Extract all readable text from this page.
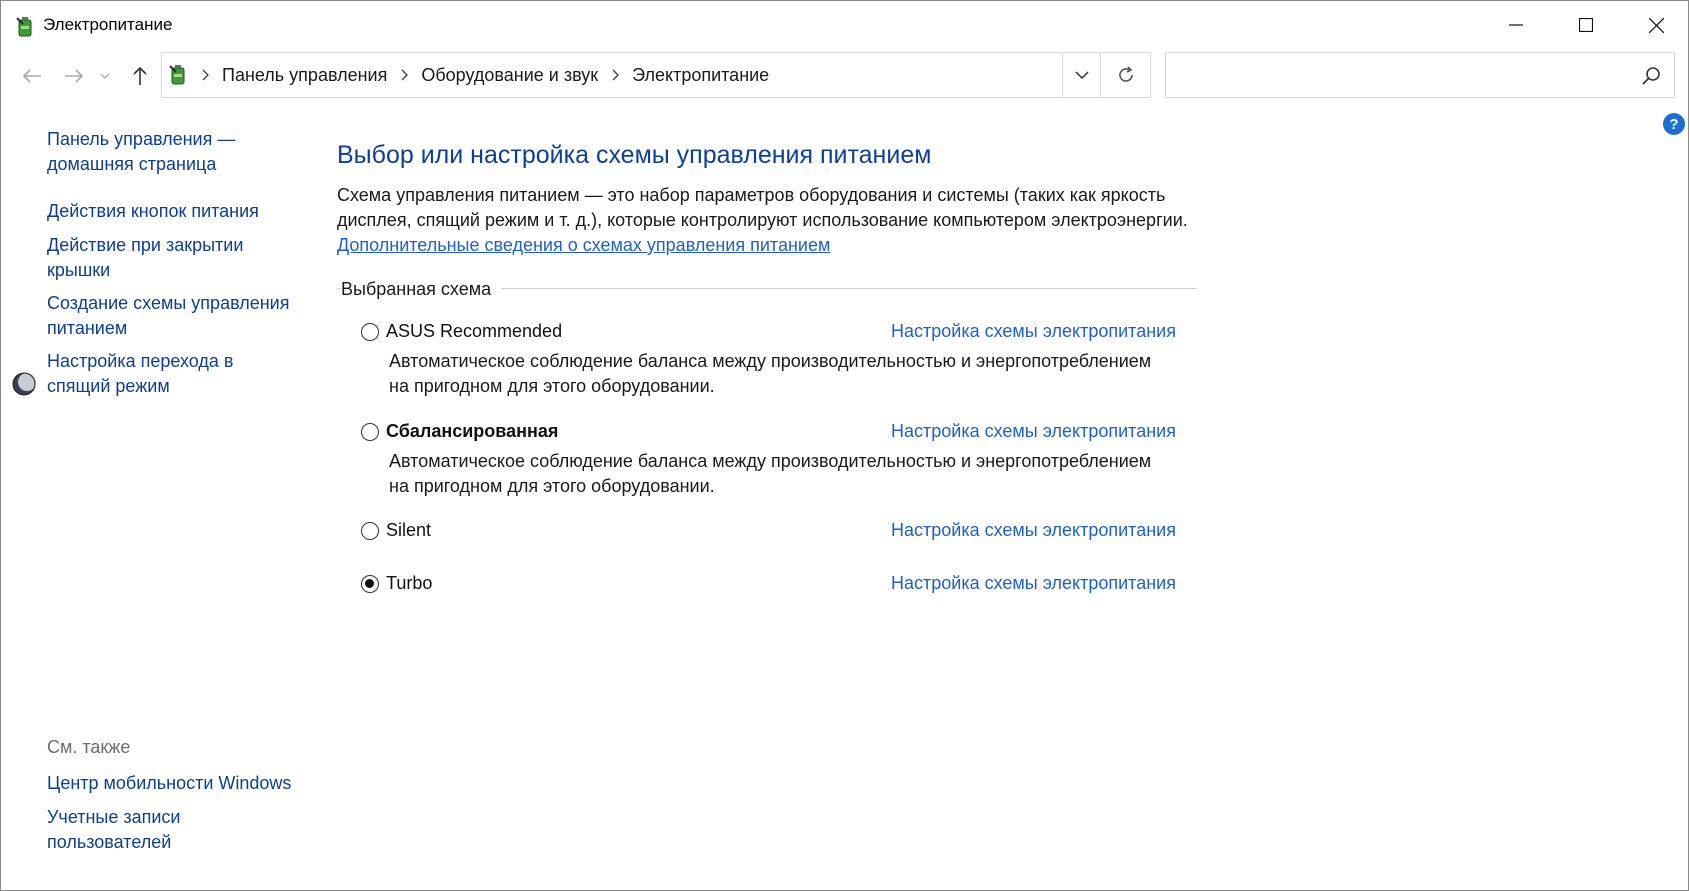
Электропитание
Панель управления Оборудование и звук Электропитание
?
Панель управления — домашняя страница
Действия кнопок питания
Действие при закрытии крышки
Создание схемы управления питанием
Настройка перехода в спящий режим
См. также
Центр мобильности Windows
Учетные записи пользователей
Выбор или настройка схемы управления питанием
Схема управления питанием — это набор параметров оборудования и системы (таких как яркость дисплея, спящий режим и т. д.), которые контролируют использование компьютером электроэнергии.
Дополнительные сведения о схемах управления питанием
Выбранная схема
ASUS Recommended	Настройка схемы электропитания
Автоматическое соблюдение баланса между производительностью и энергопотреблением на пригодном для этого оборудовании.
Сбалансированная	Настройка схемы электропитания
Автоматическое соблюдение баланса между производительностью и энергопотреблением на пригодном для этого оборудовании.
Silent	Настройка схемы электропитания
Turbo	Настройка схемы электропитания
